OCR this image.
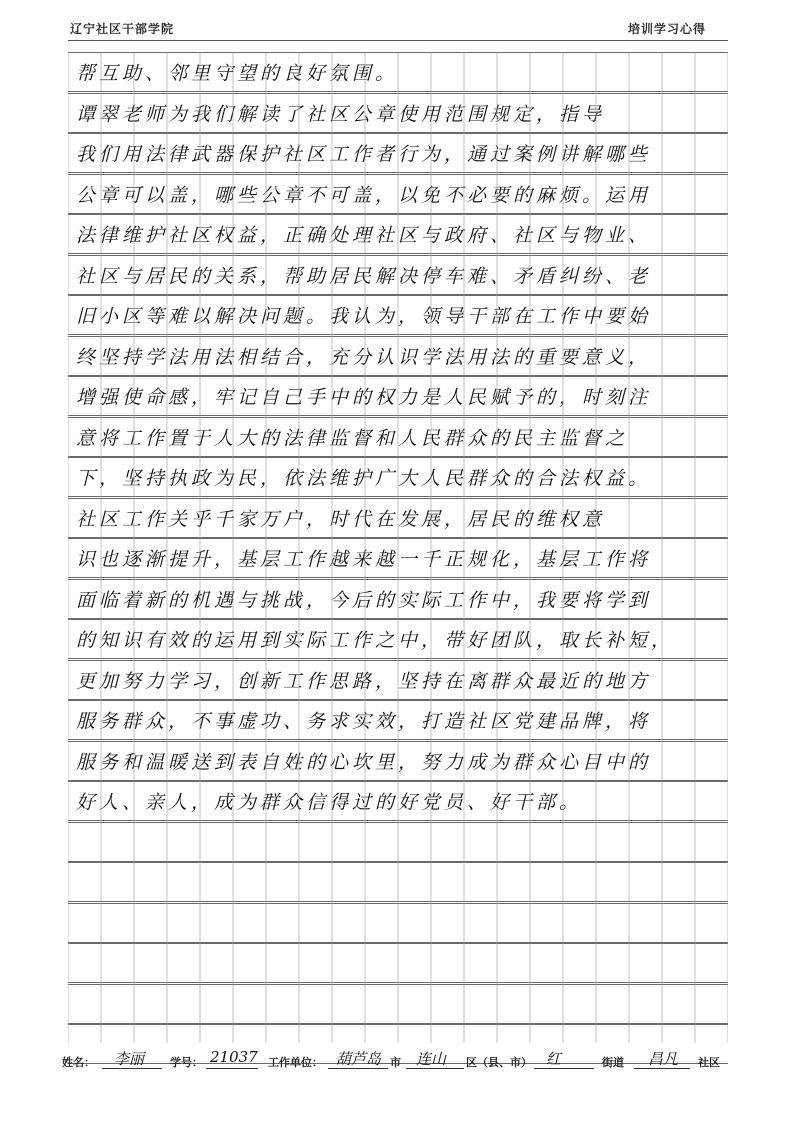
辽宁社区干部学院	培训学习心得
帮互助、邻里守望的良好氛围。
谭翠老师为我们解读了社区公章使用范围规定，指导
我们用法律武器保护社区工作者行为，通过案例讲解哪些
公章可以盖，哪些公章不可盖，以免不必要的麻烦。运用
法律维护社区权益，正确处理社区与政府、社区与物业、
社区与居民的关系，帮助居民解决停车难、矛盾纠纷、老
旧小区等难以解决问题。我认为，领导干部在工作中要始
终坚持学法用法相结合，充分认识学法用法的重要意义，
增强使命感，牢记自己手中的权力是人民赋予的，时刻注
意将工作置于人大的法律监督和人民群众的民主监督之
下，坚持执政为民，依法维护广大人民群众的合法权益。
社区工作关乎千家万户，时代在发展，居民的维权意
识也逐渐提升，基层工作越来越一千正规化，基层工作将
面临着新的机遇与挑战，今后的实际工作中，我要将学到
的知识有效的运用到实际工作之中，带好团队，取长补短，
更加努力学习，创新工作思路，坚持在离群众最近的地方
服务群众，不事虚功、务求实效，打造社区党建品牌，将
服务和温暖送到表自姓的心坎里，努力成为群众心目中的
好人、亲人，成为群众信得过的好党员、好干部。
姓名： 李丽 学号： 21037 工作单位： 葫芦岛 市 连山 区（县、市） 红	街道 昌凡 社区
